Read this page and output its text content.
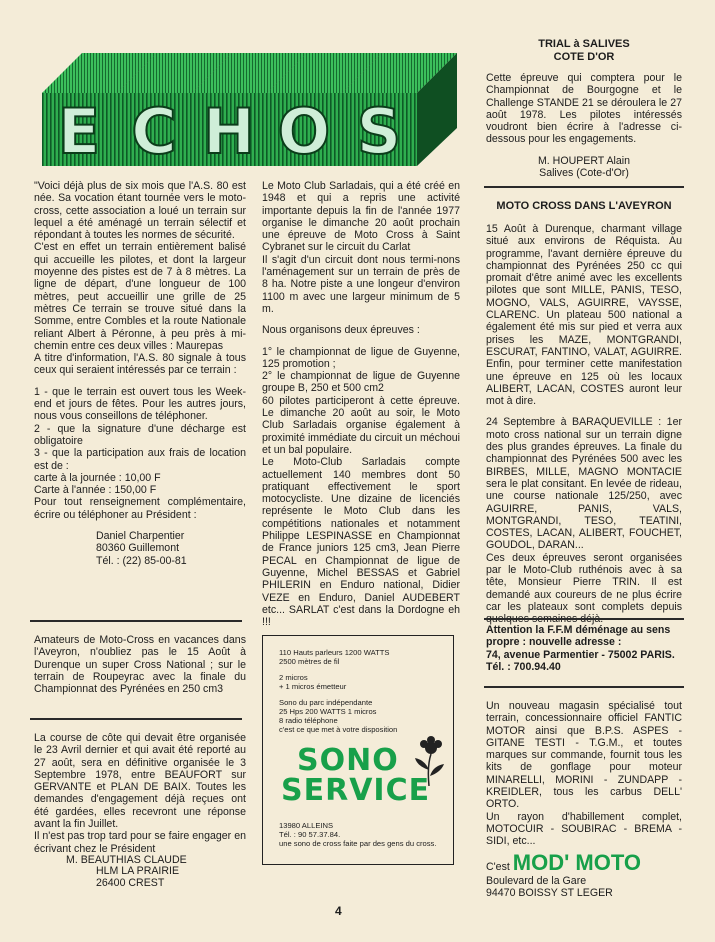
E C H O S

"Voici déjà plus de six mois que l'A.S. 80 est née. Sa vocation étant tournée vers le moto-cross, cette association a loué un terrain sur lequel a été aménagé un terrain sélectif et répondant à toutes les normes de sécurité.
C'est en effet un terrain entièrement balisé qui accueille les pilotes, et dont la largeur moyenne des pistes est de 7 à 8 mètres. La ligne de départ, d'une longueur de 100 mètres, peut accueillir une grille de 25 mètres Ce terrain se trouve situé dans la Somme, entre Combles et la route Nationale reliant Albert à Péronne, à peu près à mi-chemin entre ces deux villes : Maurepas
A titre d'information, l'A.S. 80 signale à tous ceux qui seraient intéressés par ce terrain :

1 - que le terrain est ouvert tous les Week-end et jours de fêtes. Pour les autres jours, nous vous conseillons de téléphoner.
2 - que la signature d'une décharge est obligatoire
3 - que la participation aux frais de location est de :
carte à la journée : 10,00 F
Carte à l'année : 150,00 F
Pour tout renseignement complémentaire, écrire ou téléphoner au Président :

Daniel Charpentier
80360 Guillemont
Tél. : (22) 85-00-81

Amateurs de Moto-Cross en vacances dans l'Aveyron, n'oubliez pas le 15 Août à Durenque un super Cross National ; sur le terrain de Roupeyrac avec la finale du Championnat des Pyrénées en 250 cm3

La course de côte qui devait être organisée le 23 Avril dernier et qui avait été reporté au 27 août, sera en définitive organisée le 3 Septembre 1978, entre BEAUFORT sur GERVANTE et PLAN DE BAIX. Toutes les demandes d'engagement déjà reçues ont été gardées, elles recevront une réponse avant la fin Juillet.
Il n'est pas trop tard pour se faire engager en écrivant chez le Président

M. BEAUTHIAS CLAUDE
HLM LA PRAIRIE
26400 CREST

Le Moto Club Sarladais, qui a été créé en 1948 et qui a repris une activité importante depuis la fin de l'année 1977 organise le dimanche 20 août prochain une épreuve de Moto Cross à Saint Cybranet sur le circuit du Carlat
Il s'agit d'un circuit dont nous termi-nons l'aménagement sur un terrain de près de 8 ha. Notre piste a une longeur d'environ 1100 m avec une largeur minimum de 5 m.

Nous organisons deux épreuves :

1° le championnat de ligue de Guyenne, 125 promotion ;
2° le championnat de ligue de Guyenne groupe B, 250 et 500 cm2
60 pilotes participeront à cette épreuve. Le dimanche 20 août au soir, le Moto Club Sarladais organise également à proximité immédiate du circuit un méchoui et un bal populaire.
Le Moto-Club Sarladais compte actuellement 140 membres dont 50 pratiquant effectivement le sport motocycliste. Une dizaine de licenciés représente le Moto Club dans les compétitions nationales et notamment Philippe LESPINASSE en Championnat de France juniors 125 cm3, Jean Pierre PECAL en Championnat de ligue de Guyenne, Michel BESSAS et Gabriel PHILERIN en Enduro national, Didier VEZE en Enduro, Daniel AUDEBERT etc... SARLAT c'est dans la Dordogne eh !!!

110 Hauts parleurs 1200 WATTS
2500 mètres de fil
2 micros
+ 1 micros émetteur
Sono du parc indépendante
25 Hps 200 WATTS 1 micros
8 radio téléphone
c'est ce que met à votre disposition
SONO
SERVICE
13980 ALLEINS
Tél. : 90 57.37.84.
une sono de cross faite par des gens du cross.
TRIAL à SALIVES
COTE D'OR

Cette épreuve qui comptera pour le Championnat de Bourgogne et le Challenge STANDE 21 se déroulera le 27 août 1978. Les pilotes intéressés voudront bien écrire à l'adresse ci-dessous pour les engagements.

M. HOUPERT Alain
Salives (Cote-d'Or)
MOTO CROSS DANS L'AVEYRON

15 Août à Durenque, charmant village situé aux environs de Réquista. Au programme, l'avant dernière épreuve du championnat des Pyrénées 250 cc qui promait d'être animé avec les excellents pilotes que sont MILLE, PANIS, TESO, MOGNO, VALS, AGUIRRE, VAYSSE, CLARENC. Un plateau 500 national a également été mis sur pied et verra aux prises les MAZE, MONTGRANDI, ESCURAT, FANTINO, VALAT, AGUIRRE. Enfin, pour terminer cette manifestation une épreuve en 125 où les locaux ALIBERT, LACAN, COSTES auront leur mot à dire.

24 Septembre à BARAQUEVILLE : 1er moto cross national sur un terrain digne des plus grandes épreuves. La finale du championnat des Pyrénées 500 avec les BIRBES, MILLE, MAGNO MONTACIE sera le plat consitant. En levée de rideau, une course nationale 125/250, avec AGUIRRE, PANIS, VALS, MONTGRANDI, TESO, TEATINI, COSTES, LACAN, ALIBERT, FOUCHET, GOUDOL, DARAN...
Ces deux épreuves seront organisées par le Moto-Club ruthénois avec à sa tête, Monsieur Pierre TRIN. Il est demandé aux coureurs de ne plus écrire car les plateaux sont complets depuis

Attention la F.F.M déménage au sens
propre : nouvelle adresse :
74, avenue Parmentier - 75002 PARIS.
Tél. : 700.94.40

Un nouveau magasin spécialisé tout terrain, concessionnaire officiel FANTIC MOTOR ainsi que B.P.S. ASPES - GITANE TESTI - T.G.M., et toutes marques sur commande, fournit tous les kits de gonflage pour moteur MINARELLI, MORINI - ZUNDAPP - KREIDLER, tous les carbus DELL' ORTO.
Un rayon d'habillement complet, MOTOCUIR - SOUBIRAC - BREMA - SIDI, etc...

C'est MOD' MOTO
Boulevard de la Gare
94470 BOISSY ST LEGER
4
